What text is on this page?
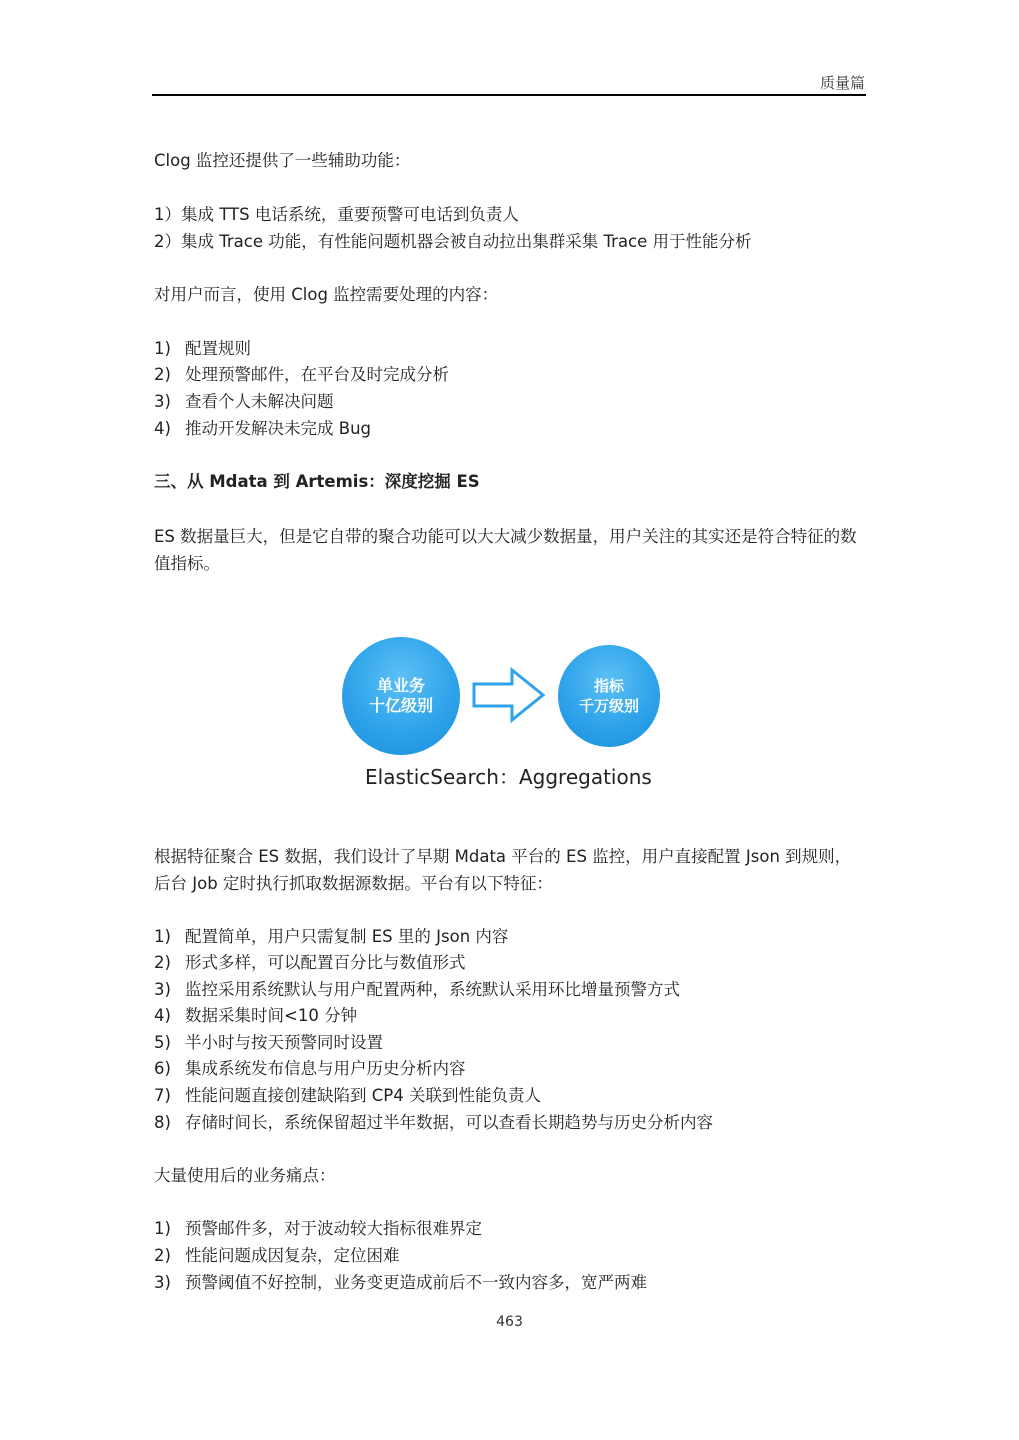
质量篇
Clog 监控还提供了一些辅助功能：
1）集成 TTS 电话系统，重要预警可电话到负责人
2）集成 Trace 功能，有性能问题机器会被自动拉出集群采集 Trace 用于性能分析
对用户而言，使用 Clog 监控需要处理的内容：
1) 配置规则
2) 处理预警邮件，在平台及时完成分析
3) 查看个人未解决问题
4) 推动开发解决未完成 Bug
三、从 Mdata 到 Artemis：深度挖掘 ES
ES 数据量巨大，但是它自带的聚合功能可以大大减少数据量，用户关注的其实还是符合特征的数值指标。
单业务
十亿级别
指标
千万级别
ElasticSearch：Aggregations
根据特征聚合 ES 数据，我们设计了早期 Mdata 平台的 ES 监控，用户直接配置 Json 到规则，后台 Job 定时执行抓取数据源数据。平台有以下特征：
1) 配置简单，用户只需复制 ES 里的 Json 内容
2) 形式多样，可以配置百分比与数值形式
3) 监控采用系统默认与用户配置两种，系统默认采用环比增量预警方式
4) 数据采集时间<10 分钟
5) 半小时与按天预警同时设置
6) 集成系统发布信息与用户历史分析内容
7) 性能问题直接创建缺陷到 CP4 关联到性能负责人
8) 存储时间长，系统保留超过半年数据，可以查看长期趋势与历史分析内容
大量使用后的业务痛点：
1) 预警邮件多，对于波动较大指标很难界定
2) 性能问题成因复杂，定位困难
3) 预警阈值不好控制，业务变更造成前后不一致内容多，宽严两难
463
